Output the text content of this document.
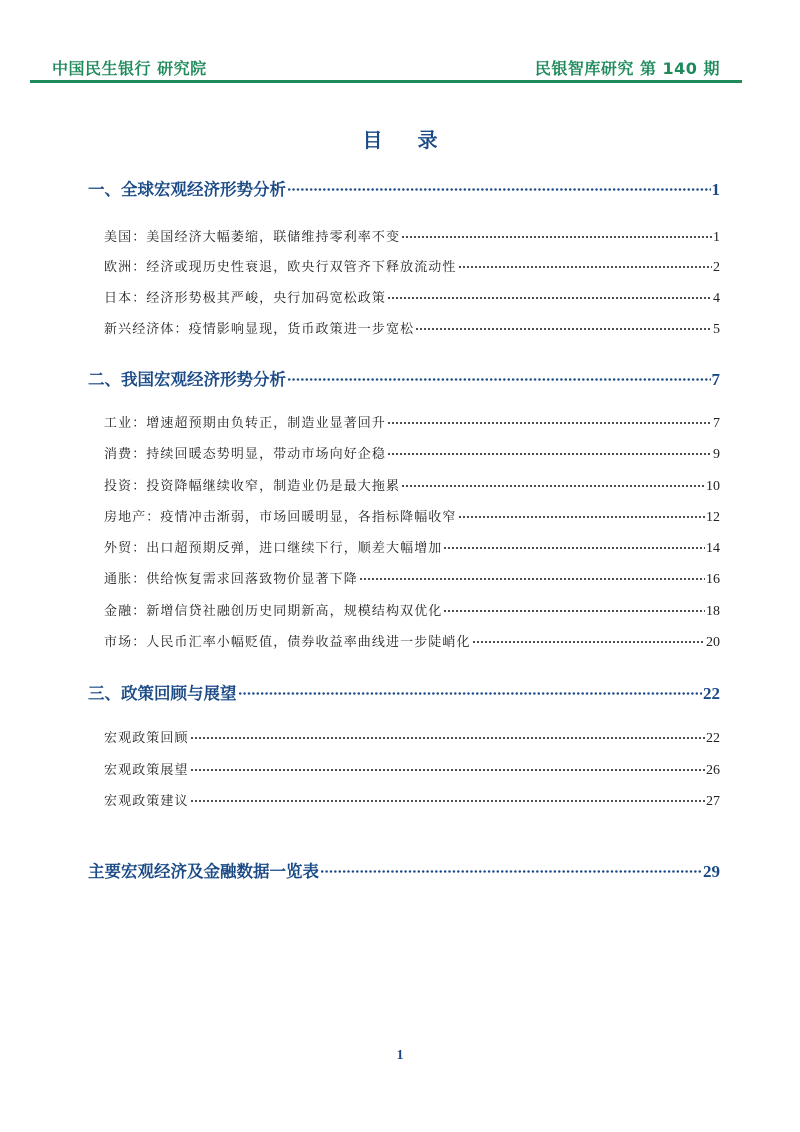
中国民生银行 研究院	民银智库研究 第 140 期
目 录
一、全球宏观经济形势分析	1
美国：美国经济大幅萎缩，联储维持零利率不变	1
欧洲：经济或现历史性衰退，欧央行双管齐下释放流动性	2
日本：经济形势极其严峻，央行加码宽松政策	4
新兴经济体：疫情影响显现，货币政策进一步宽松	5
二、我国宏观经济形势分析	7
工业：增速超预期由负转正，制造业显著回升	7
消费：持续回暖态势明显，带动市场向好企稳	9
投资：投资降幅继续收窄，制造业仍是最大拖累	10
房地产：疫情冲击渐弱，市场回暖明显，各指标降幅收窄	12
外贸：出口超预期反弹，进口继续下行，顺差大幅增加	14
通胀：供给恢复需求回落致物价显著下降	16
金融：新增信贷社融创历史同期新高，规模结构双优化	18
市场：人民币汇率小幅贬值，债券收益率曲线进一步陡峭化	20
三、政策回顾与展望	22
宏观政策回顾	22
宏观政策展望	26
宏观政策建议	27
主要宏观经济及金融数据一览表	29
1
